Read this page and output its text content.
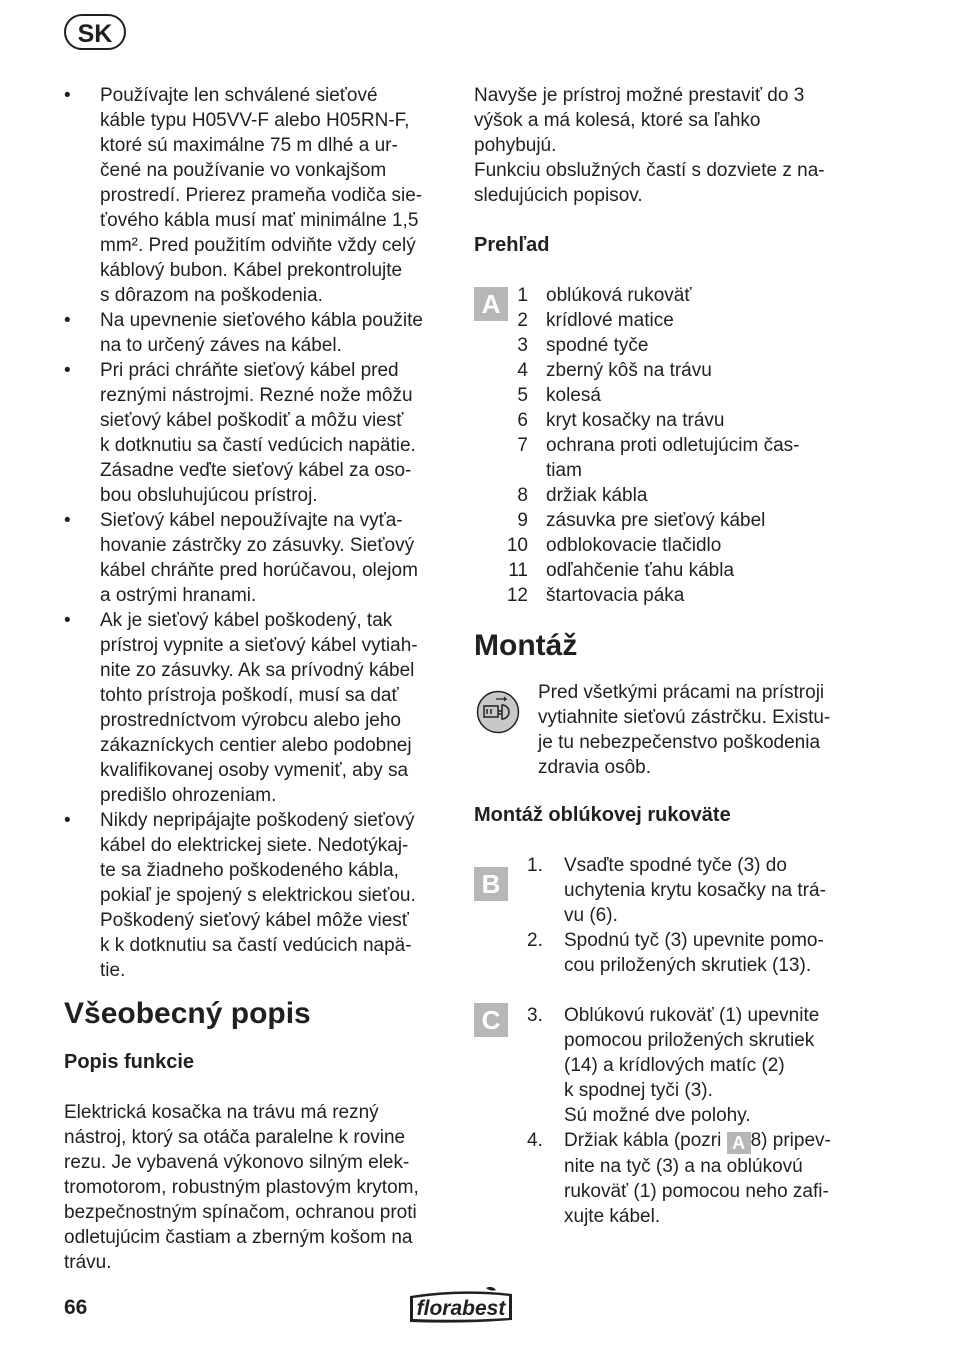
SK
• Používajte len schválené sieťové
káble typu H05VV-F alebo H05RN-F,
ktoré sú maximálne 75 m dlhé a ur-
čené na používanie vo vonkajšom
prostredí. Prierez prameňa vodiča sie-
ťového kábla musí mať minimálne 1,5
mm². Pred použitím odviňte vždy celý
káblový bubon. Kábel prekontrolujte
s dôrazom na poškodenia.
• Na upevnenie sieťového kábla použite
na to určený záves na kábel.
• Pri práci chráňte sieťový kábel pred
reznými nástrojmi. Rezné nože môžu
sieťový kábel poškodiť a môžu viesť
k dotknutiu sa častí vedúcich napätie.
Zásadne veďte sieťový kábel za oso-
bou obsluhujúcou prístroj.
• Sieťový kábel nepoužívajte na vyťa-
hovanie zástrčky zo zásuvky. Sieťový
kábel chráňte pred horúčavou, olejom
a ostrými hranami.
• Ak je sieťový kábel poškodený, tak
prístroj vypnite a sieťový kábel vytiah-
nite zo zásuvky. Ak sa prívodný kábel
tohto prístroja poškodí, musí sa dať
prostredníctvom výrobcu alebo jeho
zákazníckych centier alebo podobnej
kvalifikovanej osoby vymeniť, aby sa
predišlo ohrozeniam.
• Nikdy nepripájajte poškodený sieťový
kábel do elektrickej siete. Nedotýkaj-
te sa žiadneho poškodeného kábla,
pokiaľ je spojený s elektrickou sieťou.
Poškodený sieťový kábel môže viesť
k k dotknutiu sa častí vedúcich napä-
tie.
Všeobecný popis
Popis funkcie
Elektrická kosačka na trávu má rezný
nástroj, ktorý sa otáča paralelne k rovine
rezu. Je vybavená výkonovo silným elek-
tromotorom, robustným plastovým krytom,
bezpečnostným spínačom, ochranou proti
odletujúcim častiam a zberným košom na
trávu.
Navyše je prístroj možné prestaviť do 3
výšok a má kolesá, ktoré sa ľahko
pohybujú.
Funkciu obslužných častí s dozviete z na-
sledujúcich popisov.
Prehľad
1 oblúková rukoväť
2 krídlové matice
3 spodné tyče
4 zberný kôš na trávu
5 kolesá
6 kryt kosačky na trávu
7 ochrana proti odletujúcim čas-
tiam
8 držiak kábla
9 zásuvka pre sieťový kábel
10 odblokovacie tlačidlo
11 odľahčenie ťahu kábla
12 štartovacia páka
Montáž
Pred všetkými prácami na prístroji
vytiahnite sieťovú zástrčku. Existu-
je tu nebezpečenstvo poškodenia
zdravia osôb.
Montáž oblúkovej rukoväte
1.	Vsaďte spodné tyče (3) do
uchytenia krytu kosačky na trá-
vu (6).
2.	Spodnú tyč (3) upevnite pomo-
cou priložených skrutiek (13).
3.	Oblúkovú rukoväť (1) upevnite
pomocou priložených skrutiek
(14) a krídlových matíc (2)
k spodnej tyči (3).
Sú možné dve polohy.
4.	Držiak kábla (pozri A 8) pripev-
nite na tyč (3) a na oblúkovú
rukoväť (1) pomocou neho zafi-
xujte kábel.
A
B
C
66	florabest
